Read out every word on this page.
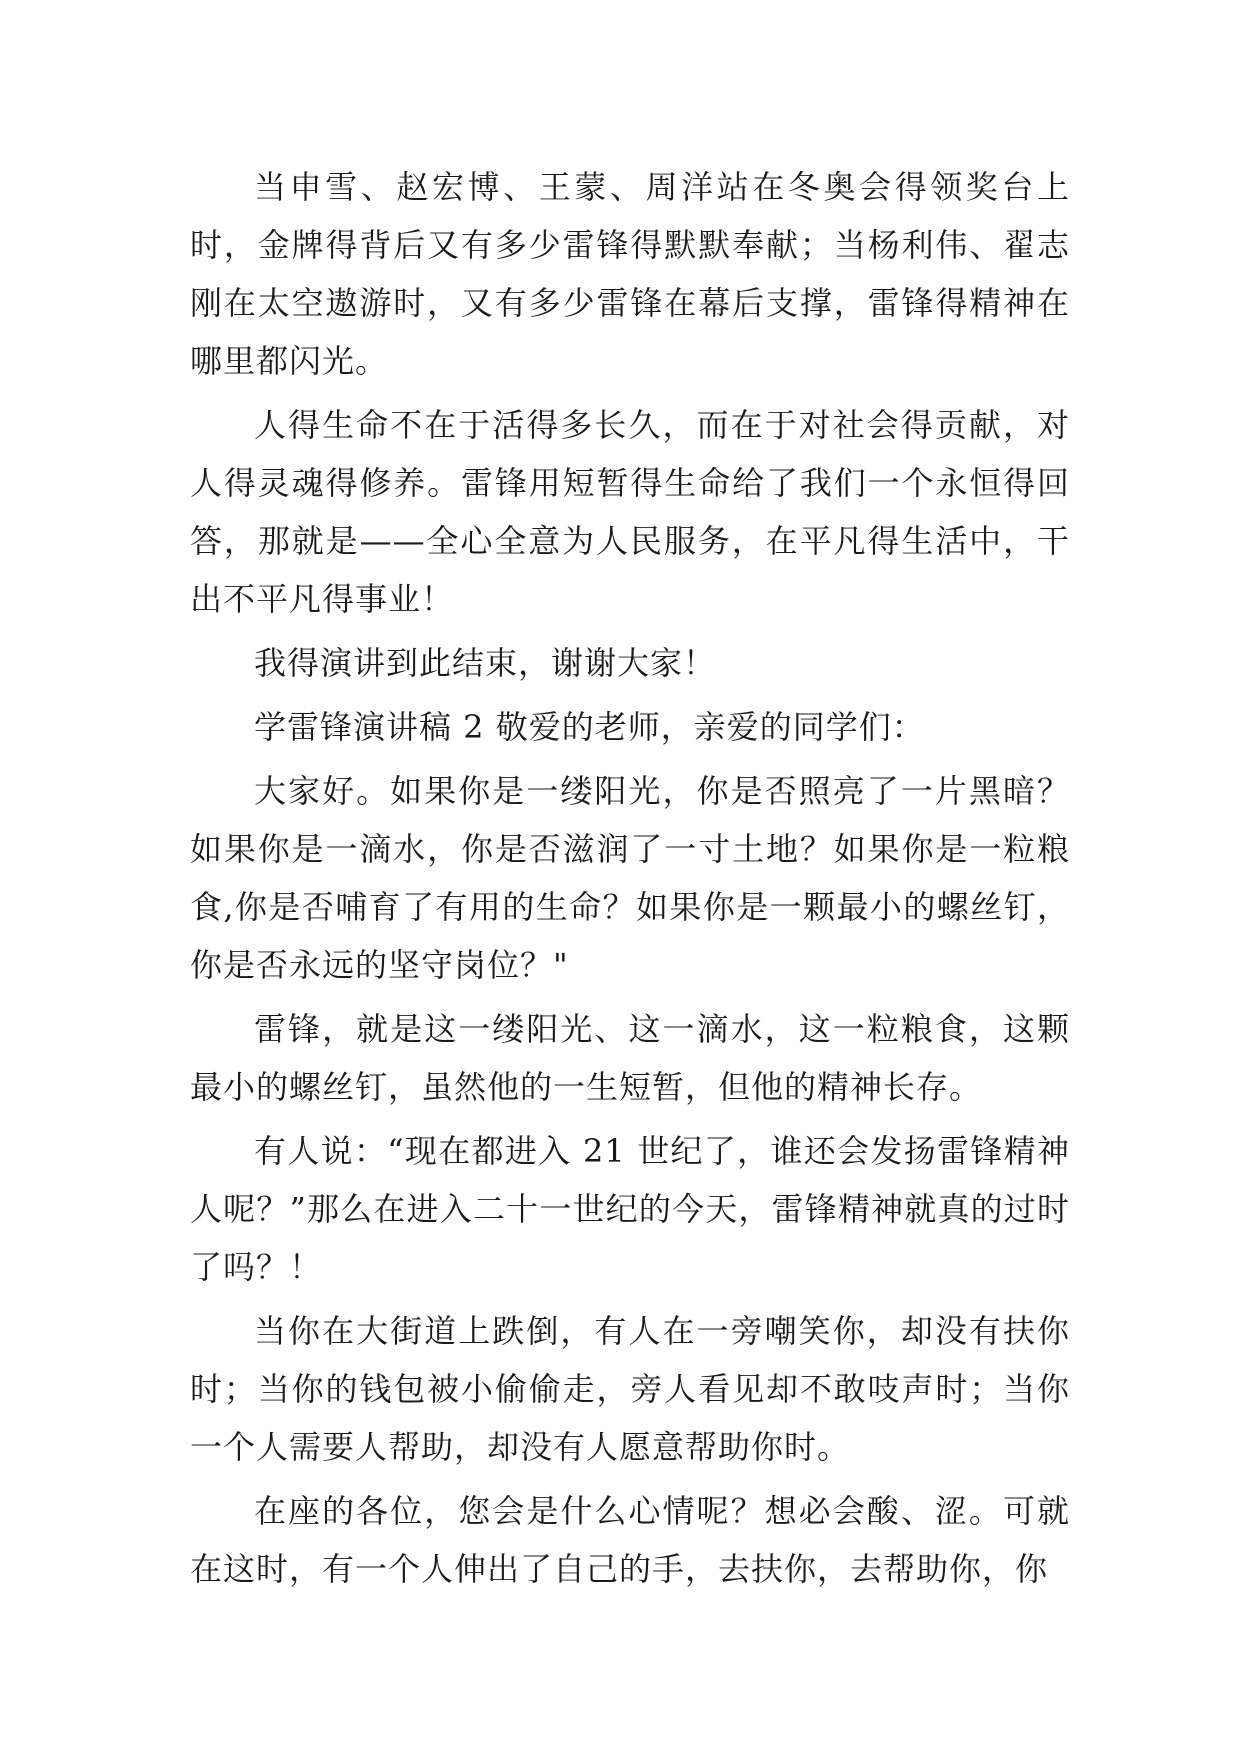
当申雪、赵宏博、王蒙、周洋站在冬奥会得领奖台上时，金牌得背后又有多少雷锋得默默奉献；当杨利伟、翟志刚在太空遨游时，又有多少雷锋在幕后支撑，雷锋得精神在哪里都闪光。

人得生命不在于活得多长久，而在于对社会得贡献，对人得灵魂得修养。雷锋用短暂得生命给了我们一个永恒得回答，那就是——全心全意为人民服务，在平凡得生活中，干出不平凡得事业！

我得演讲到此结束，谢谢大家！

学雷锋演讲稿 2 敬爱的老师，亲爱的同学们：

大家好。如果你是一缕阳光，你是否照亮了一片黑暗？如果你是一滴水，你是否滋润了一寸土地？如果你是一粒粮食,你是否哺育了有用的生命？如果你是一颗最小的螺丝钉，你是否永远的坚守岗位？"

雷锋，就是这一缕阳光、这一滴水，这一粒粮食，这颗最小的螺丝钉，虽然他的一生短暂，但他的精神长存。

有人说：“现在都进入 21 世纪了，谁还会发扬雷锋精神人呢？”那么在进入二十一世纪的今天，雷锋精神就真的过时了吗？！

当你在大街道上跌倒，有人在一旁嘲笑你，却没有扶你时；当你的钱包被小偷偷走，旁人看见却不敢吱声时；当你一个人需要人帮助，却没有人愿意帮助你时。

在座的各位，您会是什么心情呢？想必会酸、涩。可就在这时，有一个人伸出了自己的手，去扶你，去帮助你，你
